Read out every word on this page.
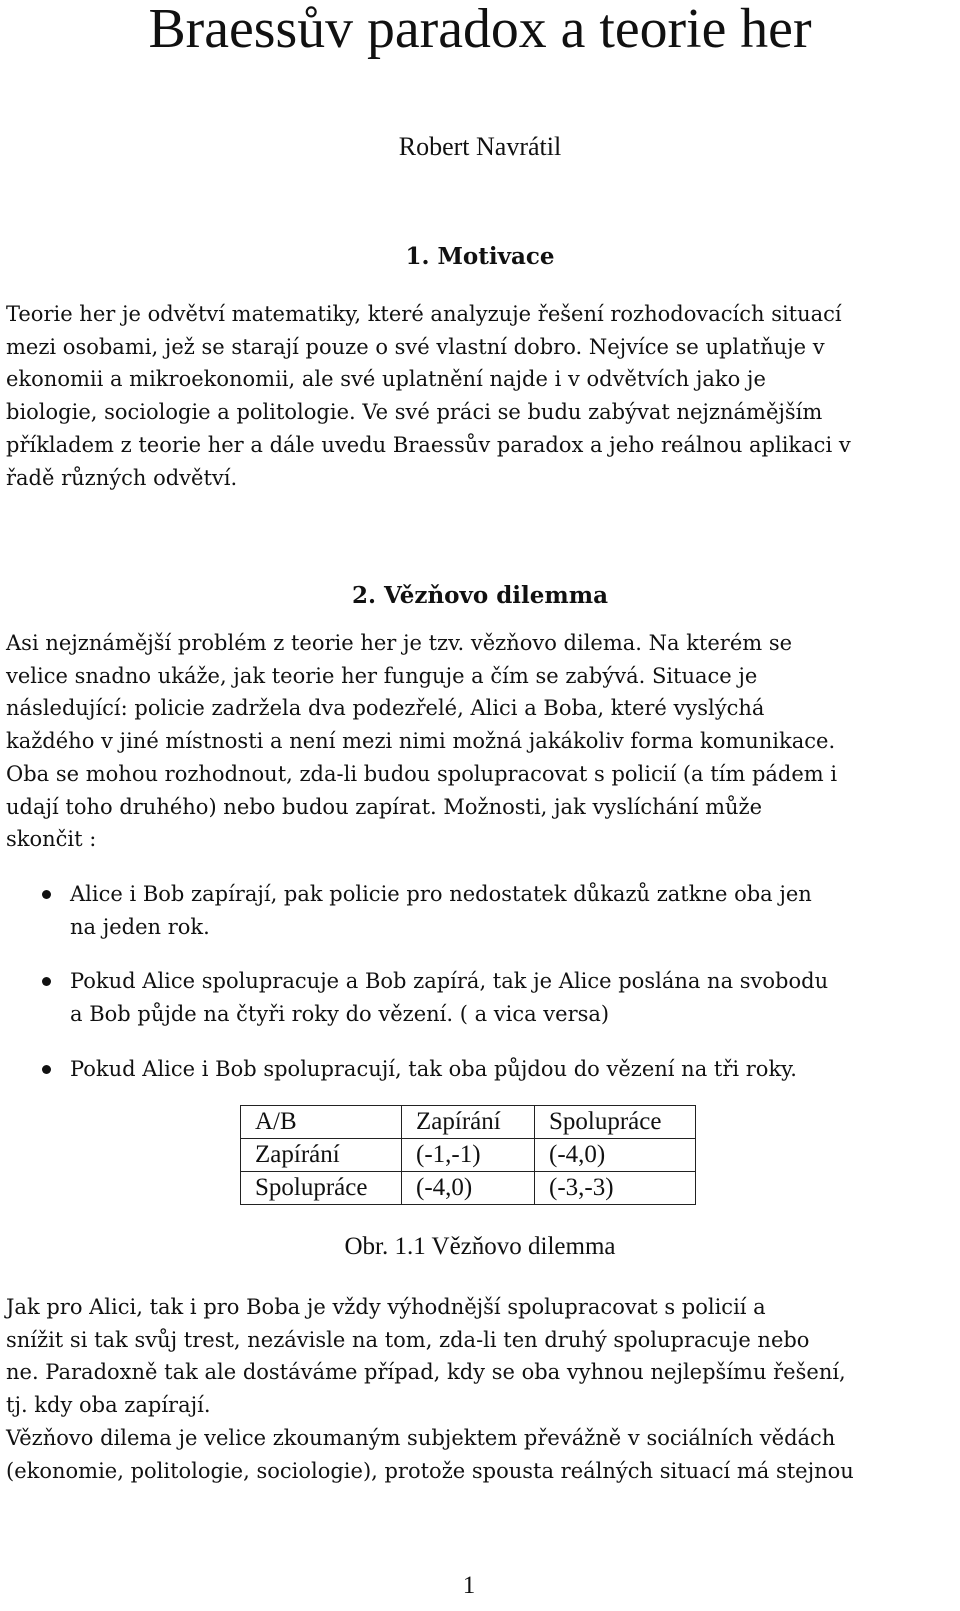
Braessův paradox a teorie her
Robert Navrátil
1. Motivace

Teorie her je odvětví matematiky, které analyzuje řešení rozhodovacích situací
mezi osobami, jež se starají pouze o své vlastní dobro. Nejvíce se uplatňuje v
ekonomii a mikroekonomii, ale své uplatnění najde i v odvětvích jako je
biologie, sociologie a politologie. Ve své práci se budu zabývat nejznámějším
příkladem z teorie her a dále uvedu Braessův paradox a jeho reálnou aplikaci v
řadě různých odvětví.

2. Vězňovo dilemma

Asi nejznámější problém z teorie her je tzv. vězňovo dilema. Na kterém se
velice snadno ukáže, jak teorie her funguje a čím se zabývá. Situace je
následující: policie zadržela dva podezřelé, Alici a Boba, které vyslýchá
každého v jiné místnosti a není mezi nimi možná jakákoliv forma komunikace.
Oba se mohou rozhodnout, zda-li budou spolupracovat s policií (a tím pádem i
udají toho druhého) nebo budou zapírat. Možnosti, jak vyslíchání může
skončit :

Alice i Bob zapírají, pak policie pro nedostatek důkazů zatkne oba jen
na jeden rok.
Pokud Alice spolupracuje a Bob zapírá, tak je Alice poslána na svobodu
a Bob půjde na čtyři roky do vězení. ( a vica versa)
Pokud Alice i Bob spolupracují, tak oba půjdou do vězení na tři roky.
A/B	Zapírání	Spolupráce
Zapírání	(-1,-1)	(-4,0)
Spolupráce	(-4,0)	(-3,-3)
Obr. 1.1 Vězňovo dilemma

Jak pro Alici, tak i pro Boba je vždy výhodnější spolupracovat s policií a
snížit si tak svůj trest, nezávisle na tom, zda-li ten druhý spolupracuje nebo
ne. Paradoxně tak ale dostáváme případ, kdy se oba vyhnou nejlepšímu řešení,
tj. kdy oba zapírají.
Vězňovo dilema je velice zkoumaným subjektem převážně v sociálních vědách
(ekonomie, politologie, sociologie), protože spousta reálných situací má stejnou

1
